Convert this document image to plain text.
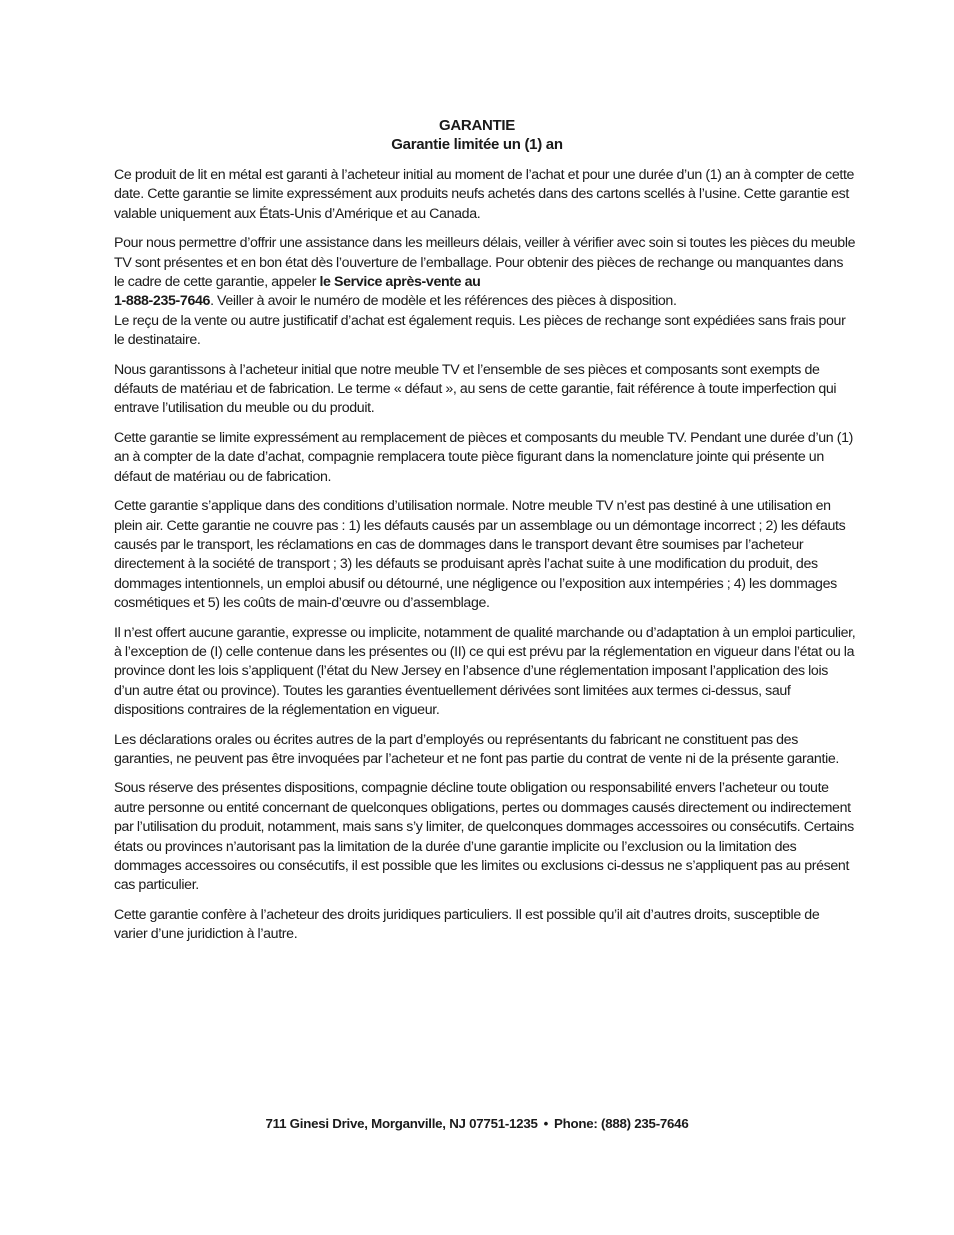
GARANTIE
Garantie limitée un (1) an

Ce produit de lit en métal est garanti à l’acheteur initial au moment de l’achat et pour une durée d’un (1) an à compter de cette date. Cette garantie se limite expressément aux produits neufs achetés dans des cartons scellés à l’usine. Cette garantie est valable uniquement aux États-Unis d’Amérique et au Canada.

Pour nous permettre d’offrir une assistance dans les meilleurs délais, veiller à vérifier avec soin si toutes les pièces du meuble TV sont présentes et en bon état dès l’ouverture de l’emballage. Pour obtenir des pièces de rechange ou manquantes dans le cadre de cette garantie, appeler le Service après-vente au
1-888-235-7646. Veiller à avoir le numéro de modèle et les références des pièces à disposition.
Le reçu de la vente ou autre justificatif d’achat est également requis. Les pièces de rechange sont expédiées sans frais pour le destinataire.

Nous garantissons à l’acheteur initial que notre meuble TV et l’ensemble de ses pièces et composants sont exempts de défauts de matériau et de fabrication. Le terme « défaut », au sens de cette garantie, fait référence à toute imperfection qui entrave l’utilisation du meuble ou du produit.

Cette garantie se limite expressément au remplacement de pièces et composants du meuble TV. Pendant une durée d’un (1) an à compter de la date d’achat, compagnie remplacera toute pièce figurant dans la nomenclature jointe qui présente un défaut de matériau ou de fabrication.

Cette garantie s’applique dans des conditions d’utilisation normale. Notre meuble TV n’est pas destiné à une utilisation en plein air. Cette garantie ne couvre pas : 1) les défauts causés par un assemblage ou un démontage incorrect ; 2) les défauts causés par le transport, les réclamations en cas de dommages dans le transport devant être soumises par l’acheteur directement à la société de transport ; 3) les défauts se produisant après l’achat suite à une modification du produit, des dommages intentionnels, un emploi abusif ou détourné, une négligence ou l’exposition aux intempéries ; 4) les dommages cosmétiques et 5) les coûts de main-d’œuvre ou d’assemblage.

Il n’est offert aucune garantie, expresse ou implicite, notamment de qualité marchande ou d’adaptation à un emploi particulier, à l’exception de (I) celle contenue dans les présentes ou (II) ce qui est prévu par la réglementation en vigueur dans l’état ou la province dont les lois s’appliquent (l’état du New Jersey en l’absence d’une réglementation imposant l’application des lois d’un autre état ou province). Toutes les garanties éventuellement dérivées sont limitées aux termes ci-dessus, sauf dispositions contraires de la réglementation en vigueur.

Les déclarations orales ou écrites autres de la part d’employés ou représentants du fabricant ne constituent pas des garanties, ne peuvent pas être invoquées par l’acheteur et ne font pas partie du contrat de vente ni de la présente garantie.

Sous réserve des présentes dispositions, compagnie décline toute obligation ou responsabilité envers l’acheteur ou toute autre personne ou entité concernant de quelconques obligations, pertes ou dommages causés directement ou indirectement par l’utilisation du produit, notamment, mais sans s’y limiter, de quelconques dommages accessoires ou consécutifs. Certains états ou provinces n’autorisant pas la limitation de la durée d’une garantie implicite ou l’exclusion ou la limitation des dommages accessoires ou consécutifs, il est possible que les limites ou exclusions ci-dessus ne s’appliquent pas au présent cas particulier.

Cette garantie confère à l’acheteur des droits juridiques particuliers. Il est possible qu’il ait d’autres droits, susceptible de varier d’une juridiction à l’autre.

711 Ginesi Drive, Morganville, NJ 07751-1235 • Phone: (888) 235-7646
